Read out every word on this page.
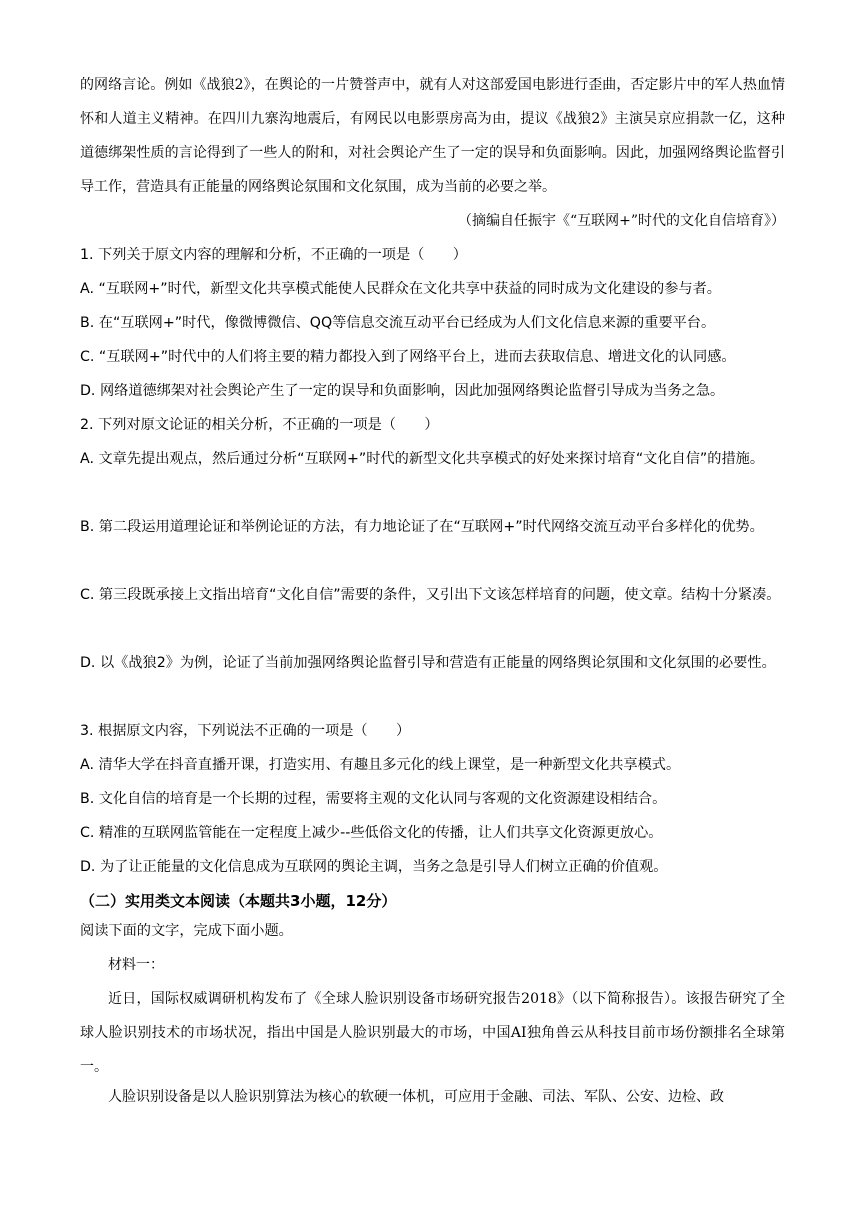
的网络言论。例如《战狼2》，在舆论的一片赞誉声中，就有人对这部爱国电影进行歪曲，否定影片中的军人热血情怀和人道主义精神。在四川九寨沟地震后，有网民以电影票房高为由，提议《战狼2》主演吴京应捐款一亿，这种道德绑架性质的言论得到了一些人的附和，对社会舆论产生了一定的误导和负面影响。因此，加强网络舆论监督引导工作，营造具有正能量的网络舆论氛围和文化氛围，成为当前的必要之举。

（摘编自任振宇《“互联网+”时代的文化自信培育》）

1. 下列关于原文内容的理解和分析，不正确的一项是（　　）

A. “互联网+”时代，新型文化共享模式能使人民群众在文化共享中获益的同时成为文化建设的参与者。

B. 在“互联网+”时代，像微博微信、QQ等信息交流互动平台已经成为人们文化信息来源的重要平台。

C. “互联网+”时代中的人们将主要的精力都投入到了网络平台上，进而去获取信息、增进文化的认同感。

D. 网络道德绑架对社会舆论产生了一定的误导和负面影响，因此加强网络舆论监督引导成为当务之急。

2. 下列对原文论证的相关分析，不正确的一项是（　　）

A. 文章先提出观点，然后通过分析“互联网+”时代的新型文化共享模式的好处来探讨培育“文化自信”的措施。

B. 第二段运用道理论证和举例论证的方法，有力地论证了在“互联网+”时代网络交流互动平台多样化的优势。

C. 第三段既承接上文指出培育“文化自信”需要的条件，又引出下文该怎样培育的问题，使文章。结构十分紧凑。

D. 以《战狼2》为例，论证了当前加强网络舆论监督引导和营造有正能量的网络舆论氛围和文化氛围的必要性。

3. 根据原文内容，下列说法不正确的一项是（　　）

A. 清华大学在抖音直播开课，打造实用、有趣且多元化的线上课堂，是一种新型文化共享模式。

B. 文化自信的培育是一个长期的过程，需要将主观的文化认同与客观的文化资源建设相结合。

C. 精准的互联网监管能在一定程度上减少--些低俗文化的传播，让人们共享文化资源更放心。

D. 为了让正能量的文化信息成为互联网的舆论主调，当务之急是引导人们树立正确的价值观。

（二）实用类文本阅读（本题共3小题，12分）

阅读下面的文字，完成下面小题。

材料一：

近日，国际权威调研机构发布了《全球人脸识别设备市场研究报告2018》（以下简称报告）。该报告研究了全球人脸识别技术的市场状况，指出中国是人脸识别最大的市场，中国AI独角兽云从科技目前市场份额排名全球第一。

人脸识别设备是以人脸识别算法为核心的软硬一体机，可应用于金融、司法、军队、公安、边检、政
